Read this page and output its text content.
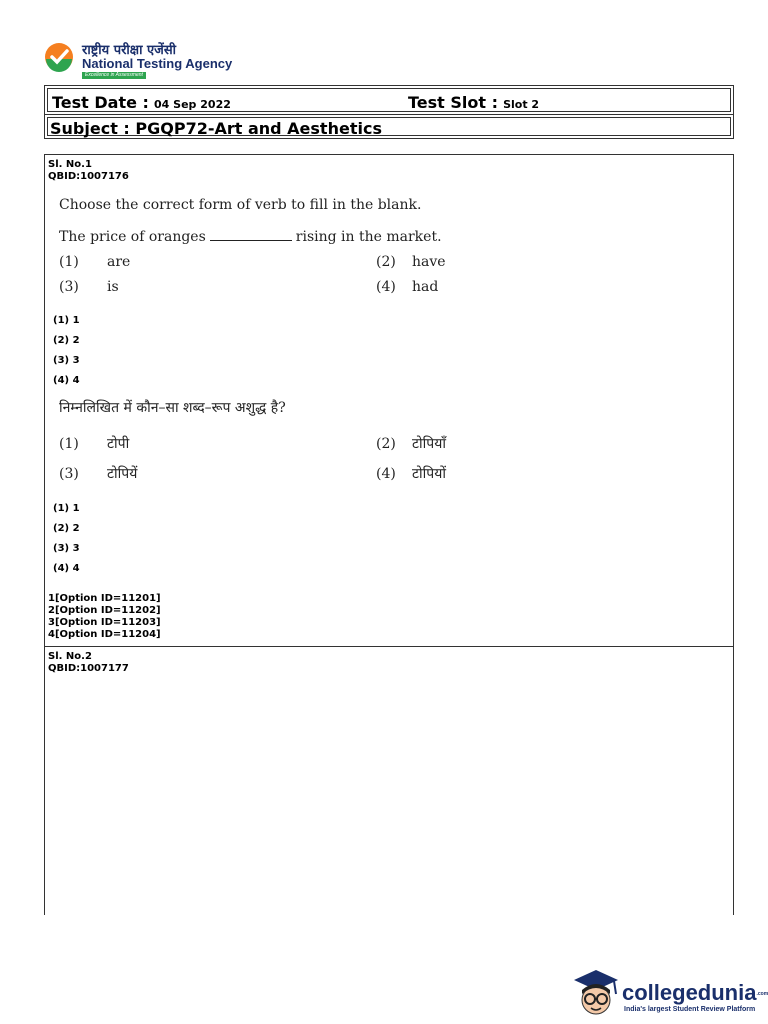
राष्ट्रीय परीक्षा एजेंसी
National Testing Agency
Excellence in Assessment
Test Date : 04 Sep 2022	Test Slot : Slot 2
Subject : PGQP72-Art and Aesthetics
Sl. No.1
QBID:1007176
Choose the correct form of verb to fill in the blank.
The price of oranges	rising in the market.
(1) are	(2) have
(3) is	(4) had
(1) 1
(2) 2
(3) 3
(4) 4
निम्नलिखित में कौन–सा शब्द–रूप अशुद्ध है?
(1) टोपी	(2) टोपियाँ
(3) टोपियें	(4) टोपियों
(1) 1
(2) 2
(3) 3
(4) 4
1[Option ID=11201]
2[Option ID=11202]
3[Option ID=11203]
4[Option ID=11204]
Sl. No.2
QBID:1007177
collegedunia.com
India's largest Student Review Platform
